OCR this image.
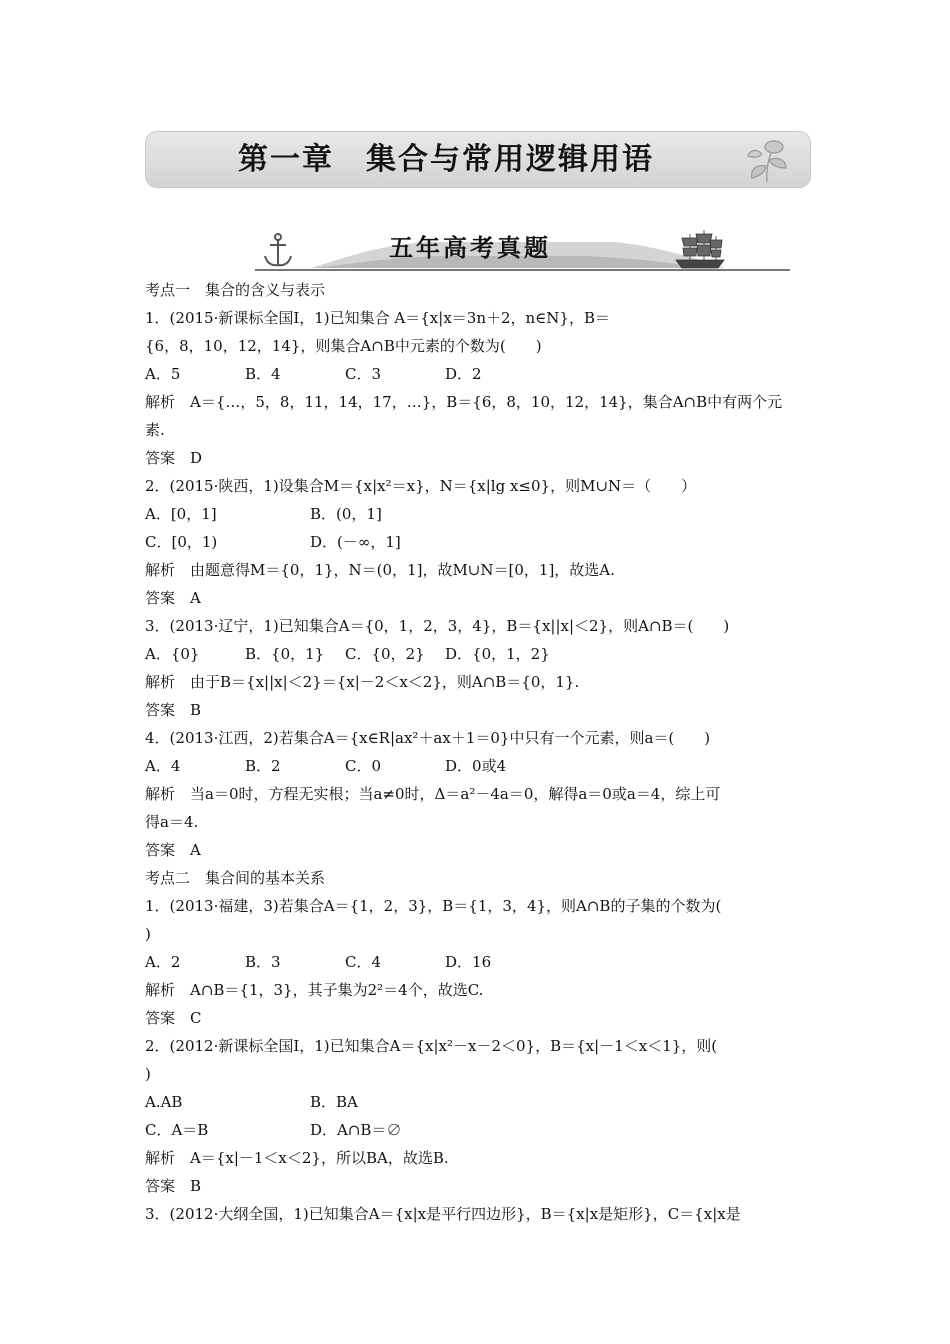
第一章　集合与常用逻辑用语
五年高考真题
考点一　集合的含义与表示
1．(2015·新课标全国Ⅰ，1)已知集合 A＝{x|x＝3n＋2，n∈N}，B＝
{6，8，10，12，14}，则集合A∩B中元素的个数为(　　)
A．5	B．4	C．3	D．2
解析　A＝{…，5，8，11，14，17，…}，B＝{6，8，10，12，14}，集合A∩B中有两个元
素.
答案　D
2．(2015·陕西，1)设集合M＝{x|x²＝x}，N＝{x|lg x≤0}，则M∪N＝（　　）
A．[0，1]	B．(0，1]
C．[0，1)	D．(－∞，1]
解析　由题意得M＝{0，1}，N＝(0，1]，故M∪N＝[0，1]，故选A.
答案　A
3．(2013·辽宁，1)已知集合A＝{0，1，2，3，4}，B＝{x||x|＜2}，则A∩B＝(　　)
A．{0}	B．{0，1} C．{0，2} D．{0，1，2}
解析　由于B＝{x||x|＜2}＝{x|－2＜x＜2}，则A∩B＝{0，1}.
答案　B
4．(2013·江西，2)若集合A＝{x∈R|ax²＋ax＋1＝0}中只有一个元素，则a＝(　　)
A．4	B．2	C．0	D．0或4
解析　当a＝0时，方程无实根；当a≠0时，Δ＝a²－4a＝0，解得a＝0或a＝4，综上可
得a＝4.
答案　A
考点二　集合间的基本关系
1．(2013·福建，3)若集合A＝{1，2，3}，B＝{1，3，4}，则A∩B的子集的个数为(
)
A．2	B．3	C．4	D．16
解析　A∩B＝{1，3}，其子集为2²＝4个，故选C.
答案　C
2．(2012·新课标全国Ⅰ，1)已知集合A＝{x|x²－x－2＜0}，B＝{x|－1＜x＜1}，则(
)
A.AB	B．BA
C．A＝B	D．A∩B＝∅
解析　A＝{x|－1＜x＜2}，所以BA，故选B.
答案　B
3．(2012·大纲全国，1)已知集合A＝{x|x是平行四边形}，B＝{x|x是矩形}，C＝{x|x是
